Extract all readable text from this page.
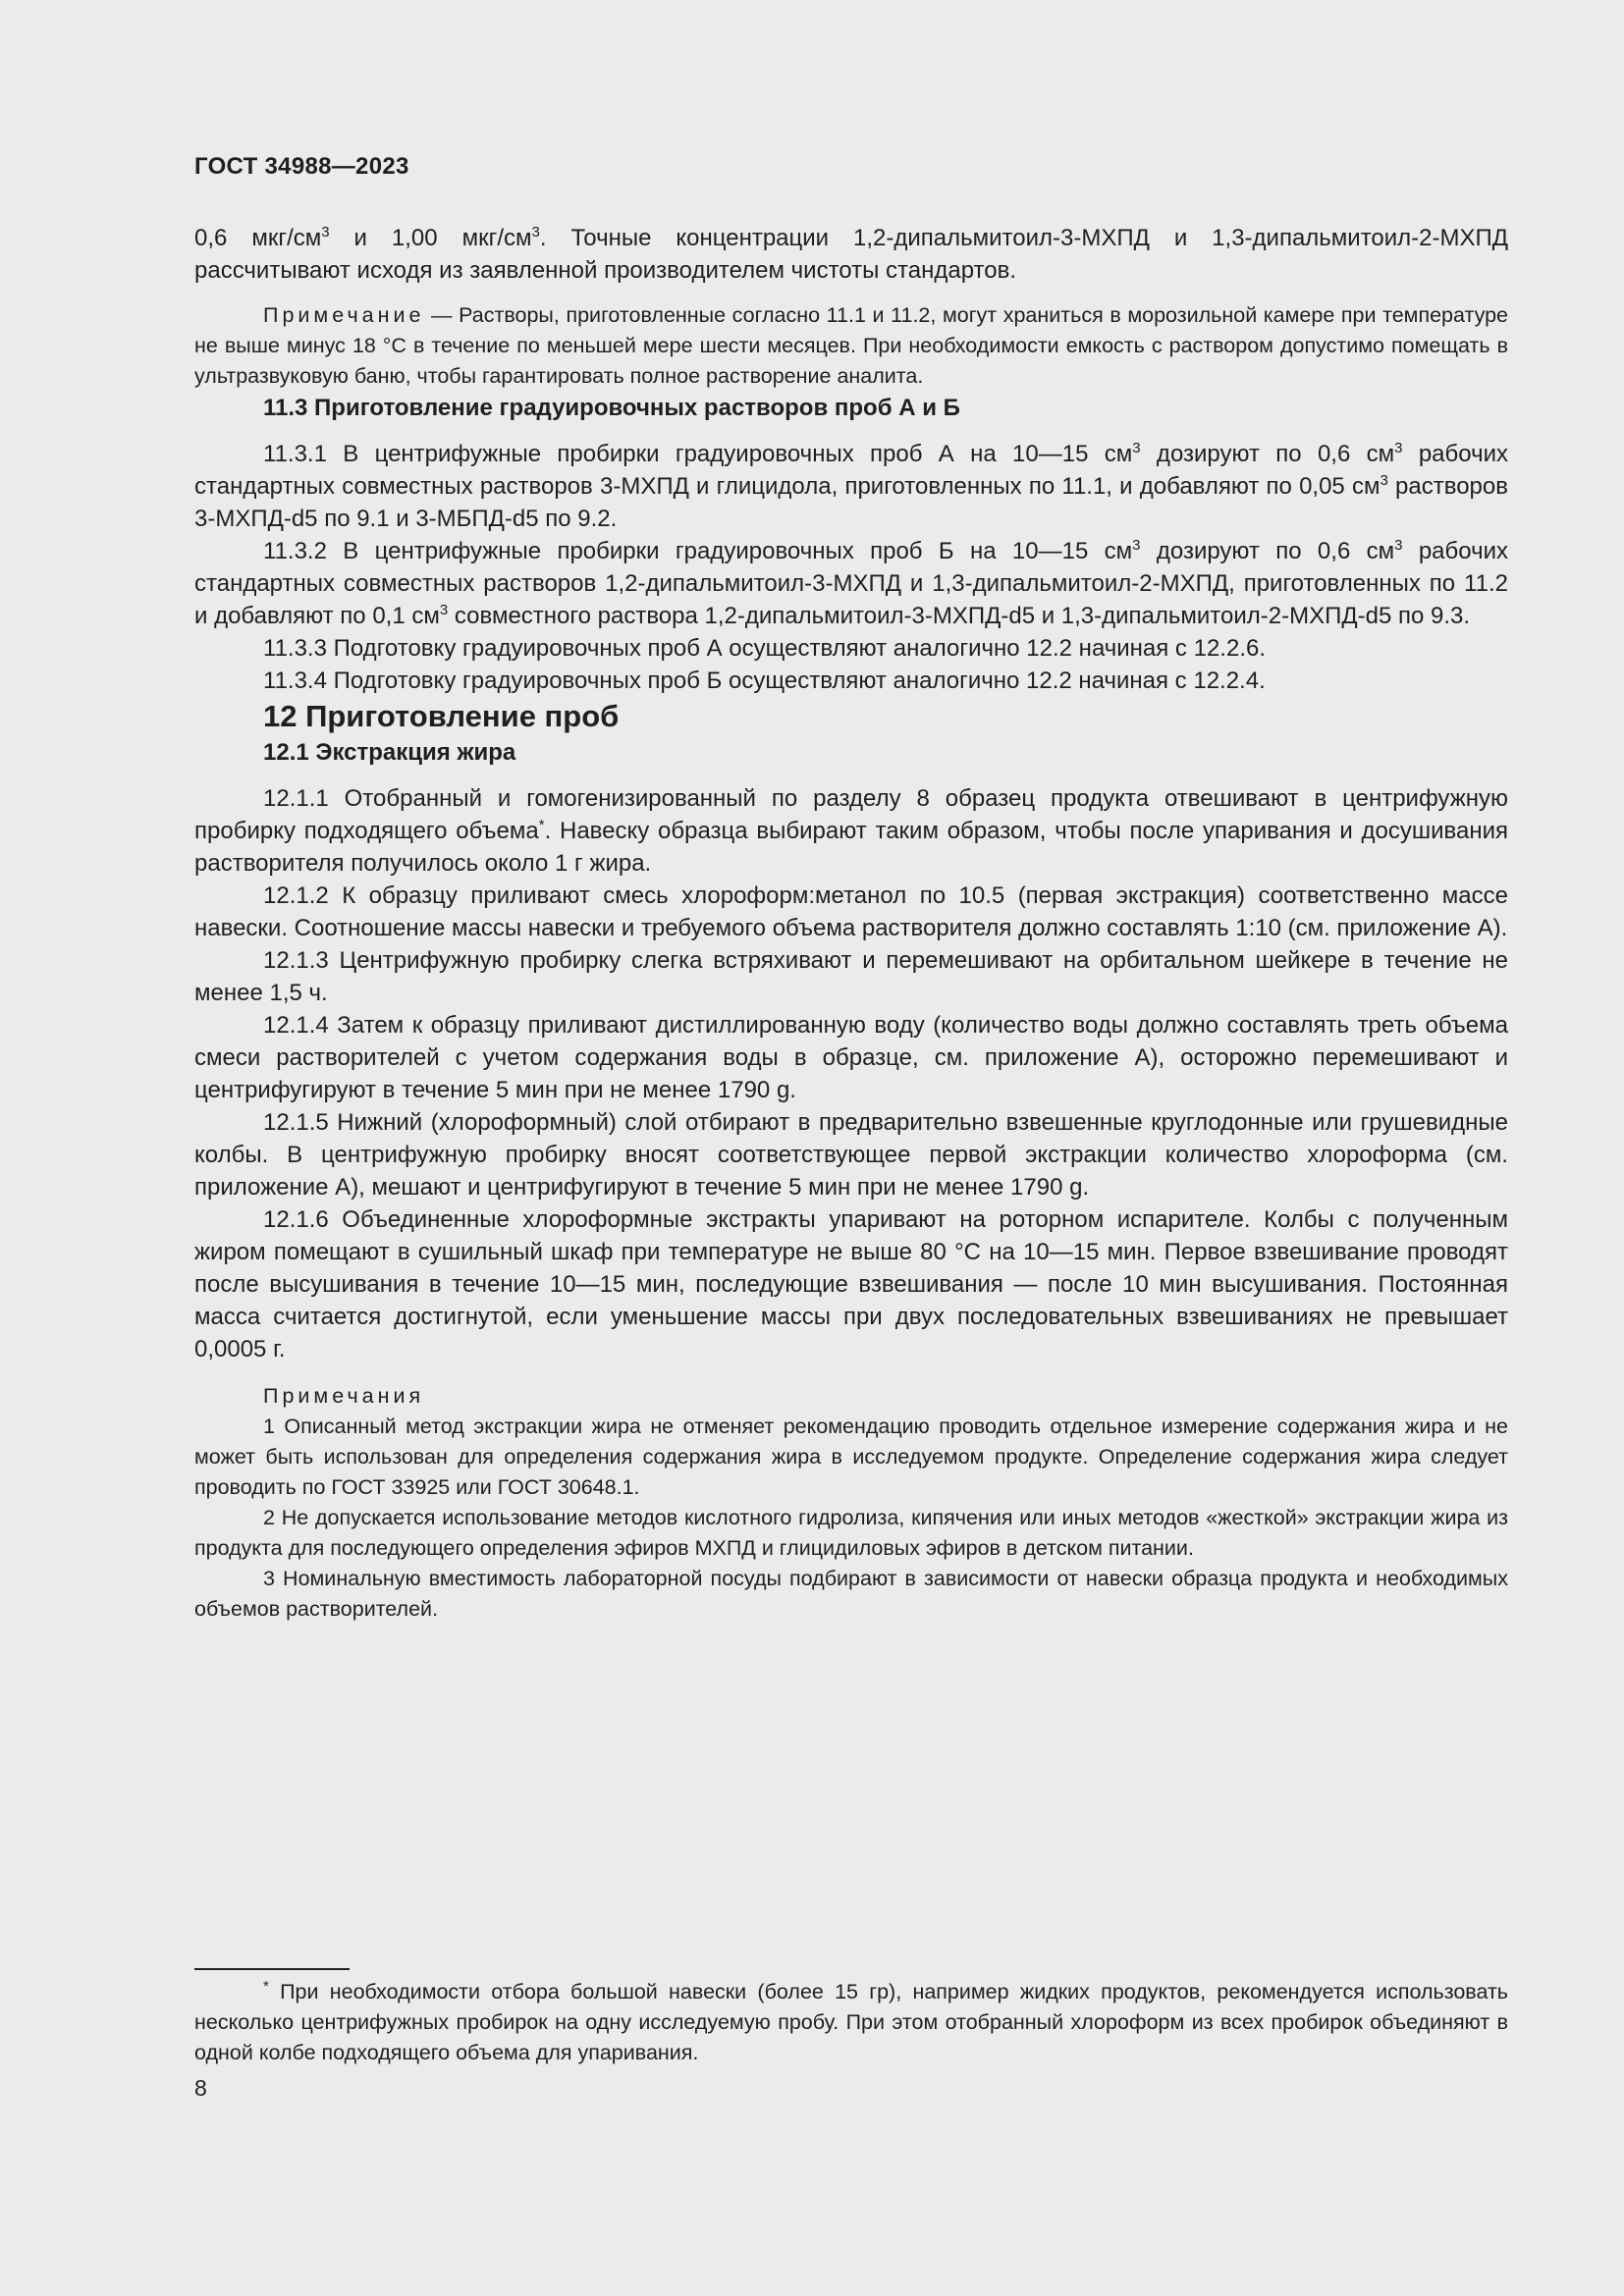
ГОСТ 34988—2023

0,6 мкг/$см^3$ и 1,00 мкг/$см^3$. Точные концентрации 1,2-дипальмитоил-3-МХПД и 1,3-дипальмитоил-2-МХПД рассчитывают исходя из заявленной производителем чистоты стандартов.

Примечание — Растворы, приготовленные согласно 11.1 и 11.2, могут храниться в морозильной камере при температуре не выше минус 18 °С в течение по меньшей мере шести месяцев. При необходимости емкость с раствором допустимо помещать в ультразвуковую баню, чтобы гарантировать полное растворение аналита.

11.3 Приготовление градуировочных растворов проб А и Б

11.3.1 В центрифужные пробирки градуировочных проб А на 10—15 $см^3$ дозируют по 0,6 $см^3$ рабочих стандартных совместных растворов 3-МХПД и глицидола, приготовленных по 11.1, и добавляют по 0,05 $см^3$ растворов 3-МХПД-d5 по 9.1 и 3-МБПД-d5 по 9.2.

11.3.2 В центрифужные пробирки градуировочных проб Б на 10—15 $см^3$ дозируют по 0,6 $см^3$ рабочих стандартных совместных растворов 1,2-дипальмитоил-3-МХПД и 1,3-дипальмитоил-2-МХПД, приготовленных по 11.2 и добавляют по 0,1 $см^3$ совместного раствора 1,2-дипальмитоил-3-МХПД-d5 и 1,3-дипальмитоил-2-МХПД-d5 по 9.3.

11.3.3 Подготовку градуировочных проб А осуществляют аналогично 12.2 начиная с 12.2.6.

11.3.4 Подготовку градуировочных проб Б осуществляют аналогично 12.2 начиная с 12.2.4.

12 Приготовление проб
12.1 Экстракция жира

12.1.1 Отобранный и гомогенизированный по разделу 8 образец продукта отвешивают в центрифужную пробирку подходящего объема*. Навеску образца выбирают таким образом, чтобы после упаривания и досушивания растворителя получилось около 1 г жира.

12.1.2 К образцу приливают смесь хлороформ:метанол по 10.5 (первая экстракция) соответственно массе навески. Соотношение массы навески и требуемого объема растворителя должно составлять 1:10 (см. приложение А).

12.1.3 Центрифужную пробирку слегка встряхивают и перемешивают на орбитальном шейкере в течение не менее 1,5 ч.

12.1.4 Затем к образцу приливают дистиллированную воду (количество воды должно составлять треть объема смеси растворителей с учетом содержания воды в образце, см. приложение А), осторожно перемешивают и центрифугируют в течение 5 мин при не менее 1790 g.

12.1.5 Нижний (хлороформный) слой отбирают в предварительно взвешенные круглодонные или грушевидные колбы. В центрифужную пробирку вносят соответствующее первой экстракции количество хлороформа (см. приложение А), мешают и центрифугируют в течение 5 мин при не менее 1790 g.

12.1.6 Объединенные хлороформные экстракты упаривают на роторном испарителе. Колбы с полученным жиром помещают в сушильный шкаф при температуре не выше 80 °С на 10—15 мин. Первое взвешивание проводят после высушивания в течение 10—15 мин, последующие взвешивания — после 10 мин высушивания. Постоянная масса считается достигнутой, если уменьшение массы при двух последовательных взвешиваниях не превышает 0,0005 г.

Примечания

1 Описанный метод экстракции жира не отменяет рекомендацию проводить отдельное измерение содержания жира и не может быть использован для определения содержания жира в исследуемом продукте. Определение содержания жира следует проводить по ГОСТ 33925 или ГОСТ 30648.1.

2 Не допускается использование методов кислотного гидролиза, кипячения или иных методов «жесткой» экстракции жира из продукта для последующего определения эфиров МХПД и глицидиловых эфиров в детском питании.

3 Номинальную вместимость лабораторной посуды подбирают в зависимости от навески образца продукта и необходимых объемов растворителей.

* При необходимости отбора большой навески (более 15 гр), например жидких продуктов, рекомендуется использовать несколько центрифужных пробирок на одну исследуемую пробу. При этом отобранный хлороформ из всех пробирок объединяют в одной колбе подходящего объема для упаривания.

8
